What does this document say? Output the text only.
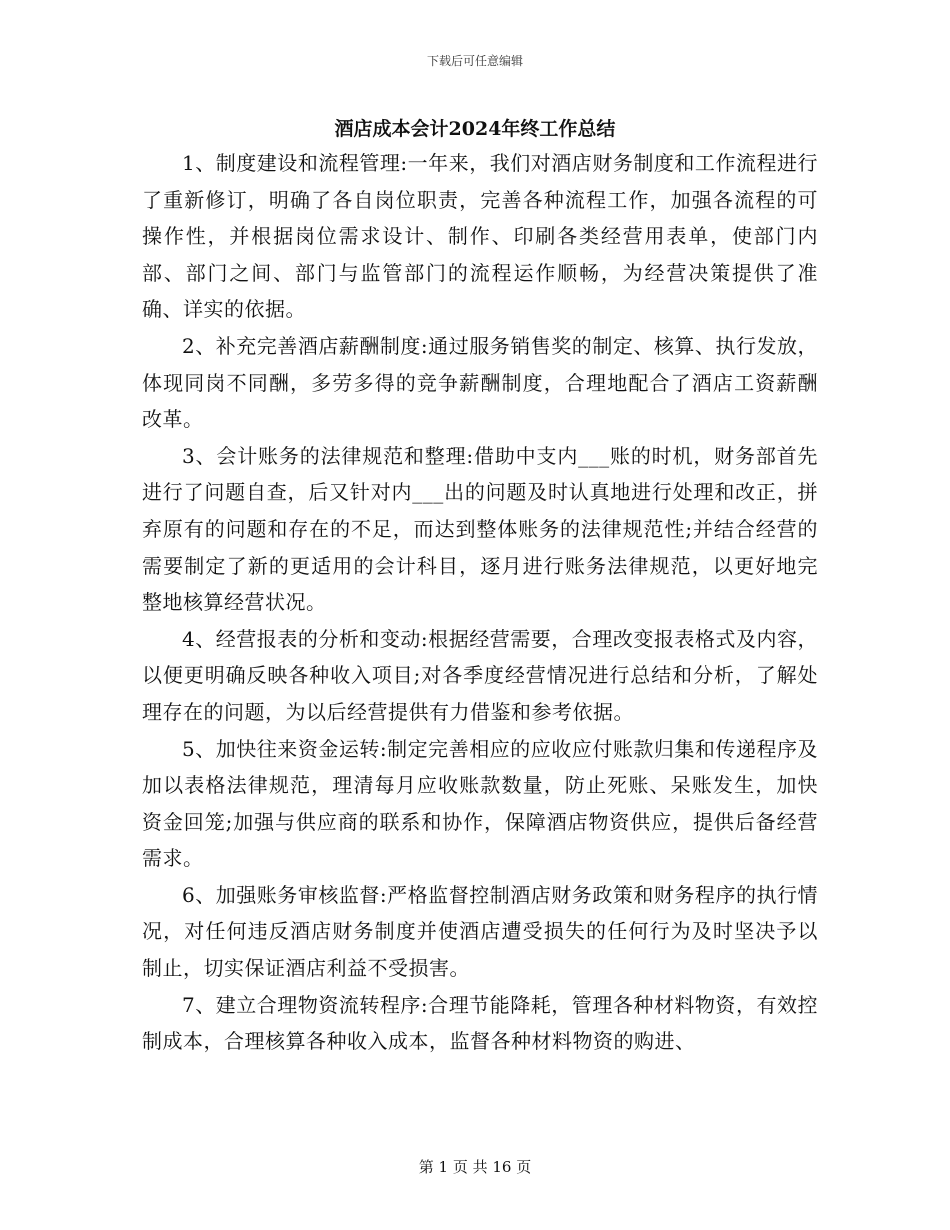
下载后可任意编辑
酒店成本会计2024年终工作总结

1、制度建设和流程管理:一年来，我们对酒店财务制度和工作流程进行了重新修订，明确了各自岗位职责，完善各种流程工作，加强各流程的可操作性，并根据岗位需求设计、制作、印刷各类经营用表单，使部门内部、部门之间、部门与监管部门的流程运作顺畅，为经营决策提供了准确、详实的依据。

2、补充完善酒店薪酬制度:通过服务销售奖的制定、核算、执行发放，体现同岗不同酬，多劳多得的竞争薪酬制度，合理地配合了酒店工资薪酬改革。

3、会计账务的法律规范和整理:借助中支内___账的时机，财务部首先进行了问题自查，后又针对内___出的问题及时认真地进行处理和改正，拼弃原有的问题和存在的不足，而达到整体账务的法律规范性;并结合经营的需要制定了新的更适用的会计科目，逐月进行账务法律规范，以更好地完整地核算经营状况。

4、经营报表的分析和变动:根据经营需要，合理改变报表格式及内容，以便更明确反映各种收入项目;对各季度经营情况进行总结和分析，了解处理存在的问题，为以后经营提供有力借鉴和参考依据。

5、加快往来资金运转:制定完善相应的应收应付账款归集和传递程序及加以表格法律规范，理清每月应收账款数量，防止死账、呆账发生，加快资金回笼;加强与供应商的联系和协作，保障酒店物资供应，提供后备经营需求。

6、加强账务审核监督:严格监督控制酒店财务政策和财务程序的执行情况，对任何违反酒店财务制度并使酒店遭受损失的任何行为及时坚决予以制止，切实保证酒店利益不受损害。

7、建立合理物资流转程序:合理节能降耗，管理各种材料物资，有效控制成本，合理核算各种收入成本，监督各种材料物资的购进、

第 1 页 共 16 页
